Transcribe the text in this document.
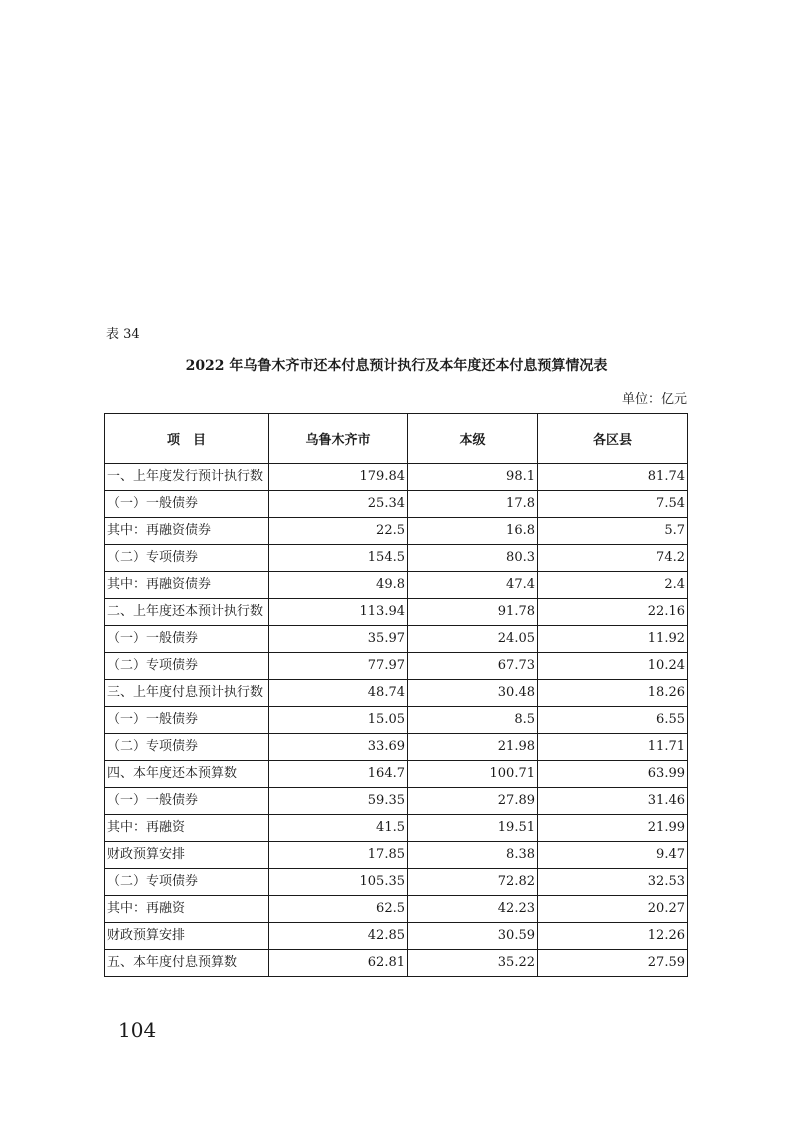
表 34
2022 年乌鲁木齐市还本付息预计执行及本年度还本付息预算情况表
单位：亿元
项　目	乌鲁木齐市	本级	各区县
一、上年度发行预计执行数	179.84	98.1	81.74
（一）一般债券	25.34	17.8	7.54
其中：再融资债券	22.5	16.8	5.7
（二）专项债券	154.5	80.3	74.2
其中：再融资债券	49.8	47.4	2.4
二、上年度还本预计执行数	113.94	91.78	22.16
（一）一般债券	35.97	24.05	11.92
（二）专项债券	77.97	67.73	10.24
三、上年度付息预计执行数	48.74	30.48	18.26
（一）一般债券	15.05	8.5	6.55
（二）专项债券	33.69	21.98	11.71
四、本年度还本预算数	164.7	100.71	63.99
（一）一般债券	59.35	27.89	31.46
其中：再融资	41.5	19.51	21.99
财政预算安排	17.85	8.38	9.47
（二）专项债券	105.35	72.82	32.53
其中：再融资	62.5	42.23	20.27
财政预算安排	42.85	30.59	12.26
五、本年度付息预算数	62.81	35.22	27.59
104
